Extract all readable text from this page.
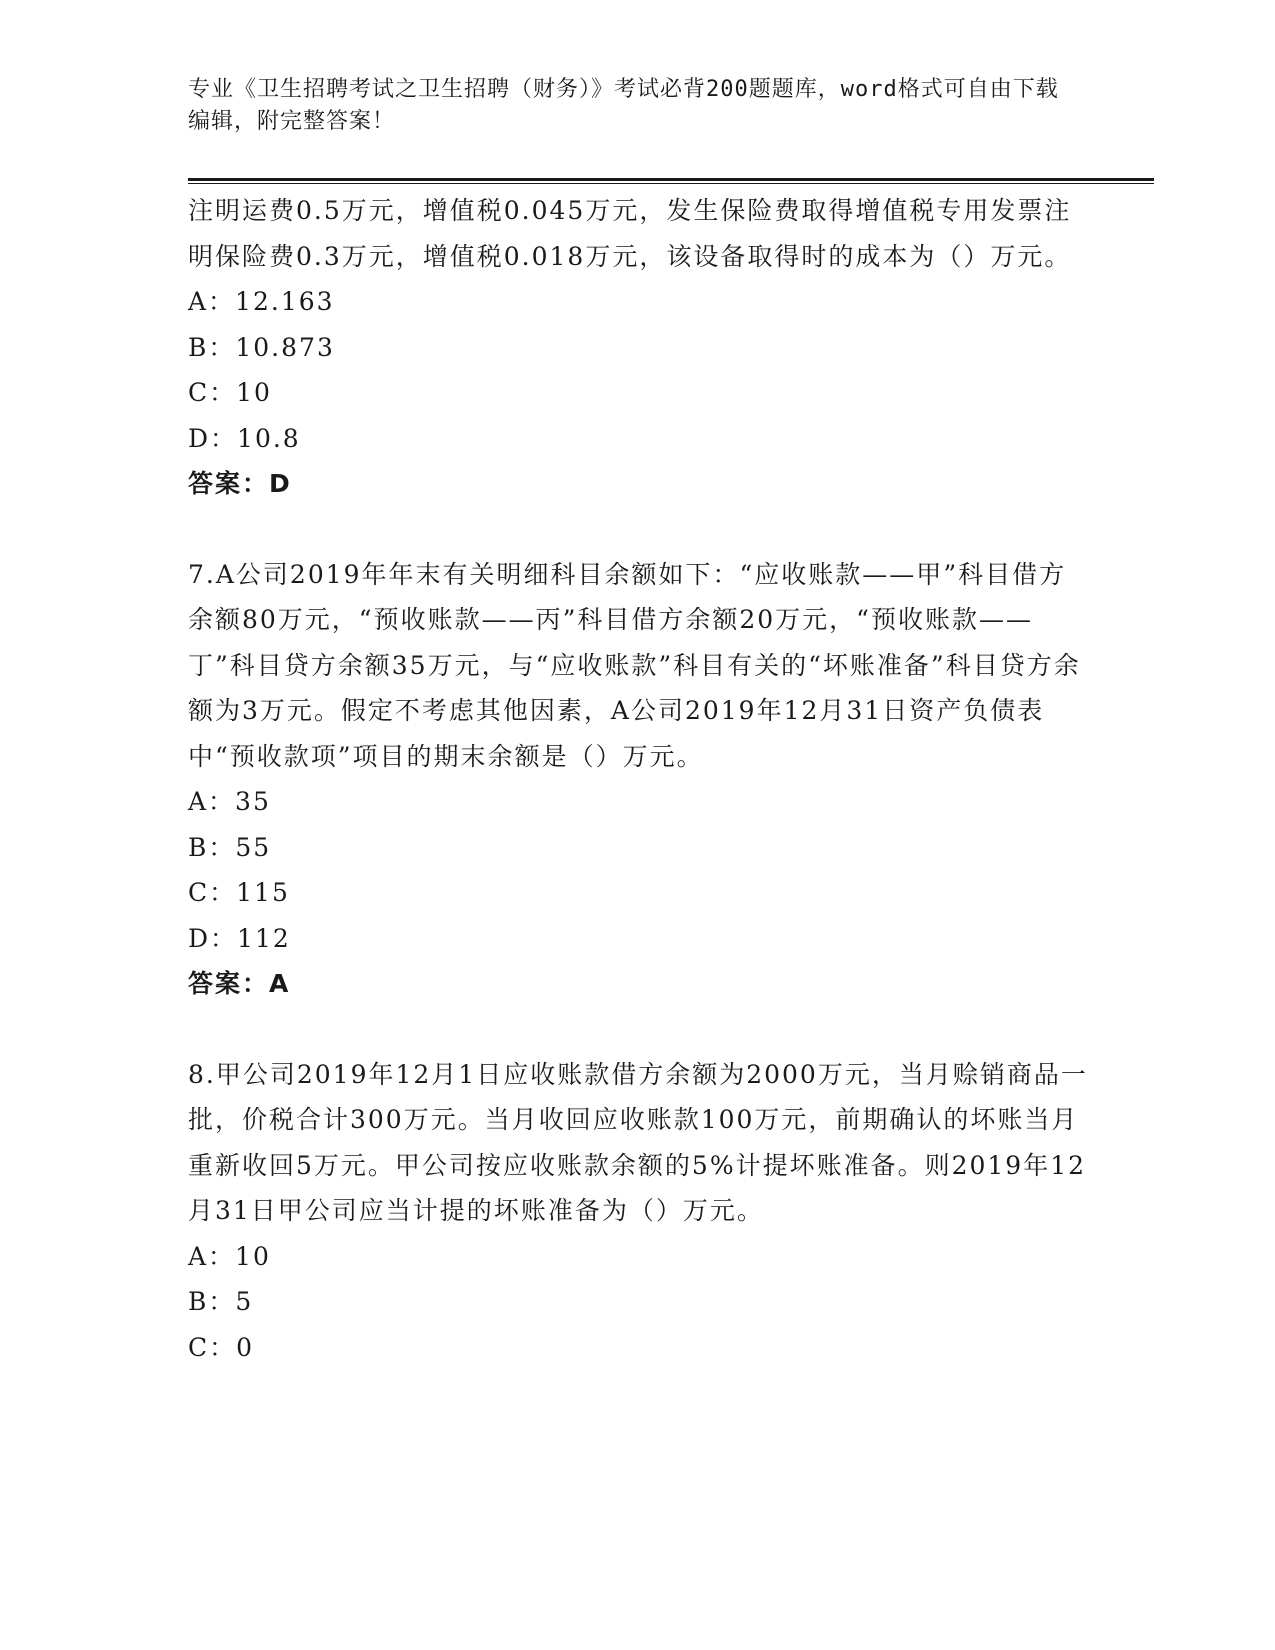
专业《卫生招聘考试之卫生招聘（财务）》考试必背200题题库，word格式可自由下载编辑，附完整答案！

注明运费0.5万元，增值税0.045万元，发生保险费取得增值税专用发票注明保险费0.3万元，增值税0.018万元，该设备取得时的成本为（）万元。

A：12.163

B：10.873

C：10

D：10.8

答案：D

7.A公司2019年年末有关明细科目余额如下：“应收账款——甲”科目借方余额80万元，“预收账款——丙”科目借方余额20万元，“预收账款——丁”科目贷方余额35万元，与“应收账款”科目有关的“坏账准备”科目贷方余额为3万元。假定不考虑其他因素，A公司2019年12月31日资产负债表中“预收款项”项目的期末余额是（）万元。

A：35

B：55

C：115

D：112

答案：A

8.甲公司2019年12月1日应收账款借方余额为2000万元，当月赊销商品一批，价税合计300万元。当月收回应收账款100万元，前期确认的坏账当月重新收回5万元。甲公司按应收账款余额的5%计提坏账准备。则2019年12月31日甲公司应当计提的坏账准备为（）万元。

A：10

B：5

C：0
